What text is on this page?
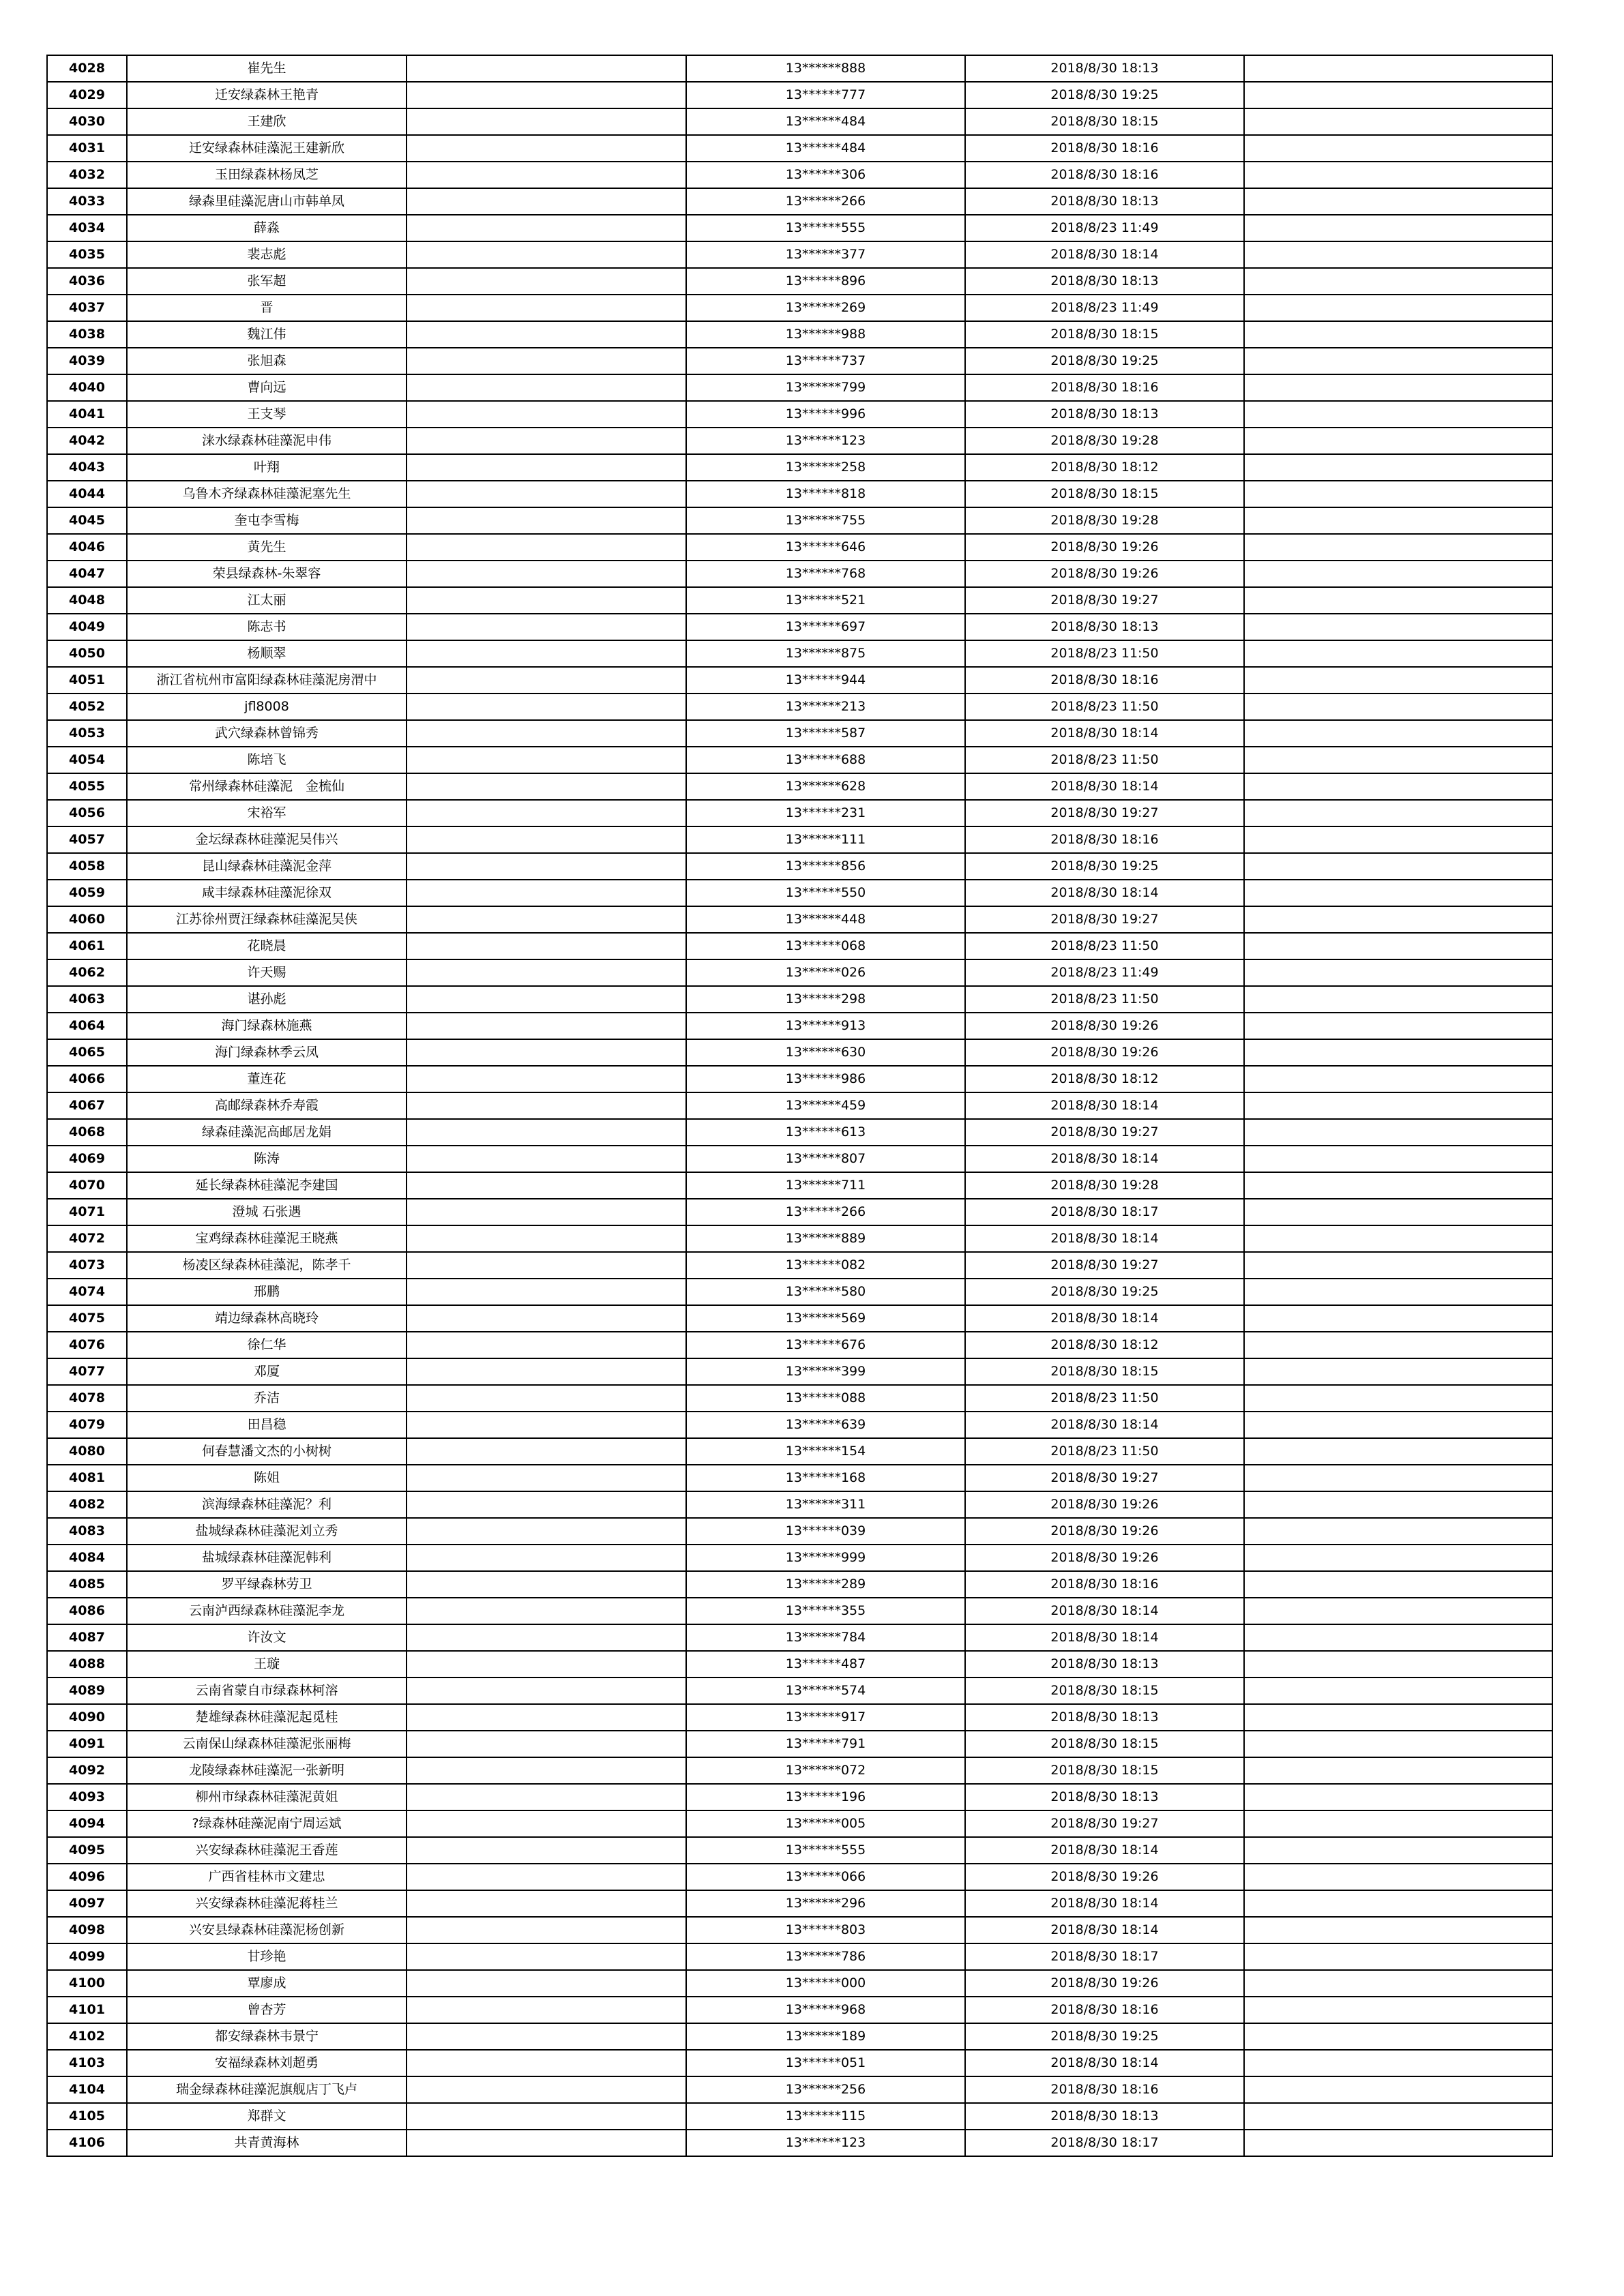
4028	崔先生		13******888	2018/8/30 18:13	
4029	迁安绿森林王艳青		13******777	2018/8/30 19:25	
4030	王建欣		13******484	2018/8/30 18:15	
4031	迁安绿森林硅藻泥王建新欣		13******484	2018/8/30 18:16	
4032	玉田绿森林杨凤芝		13******306	2018/8/30 18:16	
4033	绿森里硅藻泥唐山市韩单凤		13******266	2018/8/30 18:13	
4034	薛淼		13******555	2018/8/23 11:49	
4035	裴志彪		13******377	2018/8/30 18:14	
4036	张军超		13******896	2018/8/30 18:13	
4037	晋		13******269	2018/8/23 11:49	
4038	魏江伟		13******988	2018/8/30 18:15	
4039	张旭森		13******737	2018/8/30 19:25	
4040	曹向远		13******799	2018/8/30 18:16	
4041	王支琴		13******996	2018/8/30 18:13	
4042	涞水绿森林硅藻泥申伟		13******123	2018/8/30 19:28	
4043	叶翔		13******258	2018/8/30 18:12	
4044	乌鲁木齐绿森林硅藻泥塞先生		13******818	2018/8/30 18:15	
4045	奎屯李雪梅		13******755	2018/8/30 19:28	
4046	黄先生		13******646	2018/8/30 19:26	
4047	荣县绿森林-朱翠容		13******768	2018/8/30 19:26	
4048	江太丽		13******521	2018/8/30 19:27	
4049	陈志书		13******697	2018/8/30 18:13	
4050	杨顺翠		13******875	2018/8/23 11:50	
4051	浙江省杭州市富阳绿森林硅藻泥房渭中		13******944	2018/8/30 18:16	
4052	jfl8008		13******213	2018/8/23 11:50	
4053	武穴绿森林曾锦秀		13******587	2018/8/30 18:14	
4054	陈培飞		13******688	2018/8/23 11:50	
4055	常州绿森林硅藻泥　金梳仙		13******628	2018/8/30 18:14	
4056	宋裕军		13******231	2018/8/30 19:27	
4057	金坛绿森林硅藻泥吴伟兴		13******111	2018/8/30 18:16	
4058	昆山绿森林硅藻泥金萍		13******856	2018/8/30 19:25	
4059	咸丰绿森林硅藻泥徐双		13******550	2018/8/30 18:14	
4060	江苏徐州贾汪绿森林硅藻泥吴侠		13******448	2018/8/30 19:27	
4061	花晓晨		13******068	2018/8/23 11:50	
4062	许天赐		13******026	2018/8/23 11:49	
4063	谌孙彪		13******298	2018/8/23 11:50	
4064	海门绿森林施燕		13******913	2018/8/30 19:26	
4065	海门绿森林季云凤		13******630	2018/8/30 19:26	
4066	董连花		13******986	2018/8/30 18:12	
4067	高邮绿森林乔寿霞		13******459	2018/8/30 18:14	
4068	绿森硅藻泥高邮居龙娟		13******613	2018/8/30 19:27	
4069	陈涛		13******807	2018/8/30 18:14	
4070	延长绿森林硅藻泥李建国		13******711	2018/8/30 19:28	
4071	澄城 石张遇		13******266	2018/8/30 18:17	
4072	宝鸡绿森林硅藻泥王晓燕		13******889	2018/8/30 18:14	
4073	杨凌区绿森林硅藻泥，陈孝千		13******082	2018/8/30 19:27	
4074	邢鹏		13******580	2018/8/30 19:25	
4075	靖边绿森林高晓玲		13******569	2018/8/30 18:14	
4076	徐仁华		13******676	2018/8/30 18:12	
4077	邓厦		13******399	2018/8/30 18:15	
4078	乔洁		13******088	2018/8/23 11:50	
4079	田昌稳		13******639	2018/8/30 18:14	
4080	何春慧潘文杰的小树树		13******154	2018/8/23 11:50	
4081	陈姐		13******168	2018/8/30 19:27	
4082	滨海绿森林硅藻泥？利		13******311	2018/8/30 19:26	
4083	盐城绿森林硅藻泥刘立秀		13******039	2018/8/30 19:26	
4084	盐城绿森林硅藻泥韩利		13******999	2018/8/30 19:26	
4085	罗平绿森林劳卫		13******289	2018/8/30 18:16	
4086	云南泸西绿森林硅藻泥李龙		13******355	2018/8/30 18:14	
4087	许汝文		13******784	2018/8/30 18:14	
4088	王璇		13******487	2018/8/30 18:13	
4089	云南省蒙自市绿森林柯溶		13******574	2018/8/30 18:15	
4090	楚雄绿森林硅藻泥起觅桂		13******917	2018/8/30 18:13	
4091	云南保山绿森林硅藻泥张丽梅		13******791	2018/8/30 18:15	
4092	龙陵绿森林硅藻泥一张新明		13******072	2018/8/30 18:15	
4093	柳州市绿森林硅藻泥黄姐		13******196	2018/8/30 18:13	
4094	?绿森林硅藻泥南宁周运斌		13******005	2018/8/30 19:27	
4095	兴安绿森林硅藻泥王香莲		13******555	2018/8/30 18:14	
4096	广西省桂林市文建忠		13******066	2018/8/30 19:26	
4097	兴安绿森林硅藻泥蒋桂兰		13******296	2018/8/30 18:14	
4098	兴安县绿森林硅藻泥杨创新		13******803	2018/8/30 18:14	
4099	甘珍艳		13******786	2018/8/30 18:17	
4100	覃廖成		13******000	2018/8/30 19:26	
4101	曾杏芳		13******968	2018/8/30 18:16	
4102	都安绿森林韦景宁		13******189	2018/8/30 19:25	
4103	安福绿森林刘超勇		13******051	2018/8/30 18:14	
4104	瑞金绿森林硅藻泥旗舰店丁飞卢		13******256	2018/8/30 18:16	
4105	郑群文		13******115	2018/8/30 18:13	
4106	共青黄海林		13******123	2018/8/30 18:17	
